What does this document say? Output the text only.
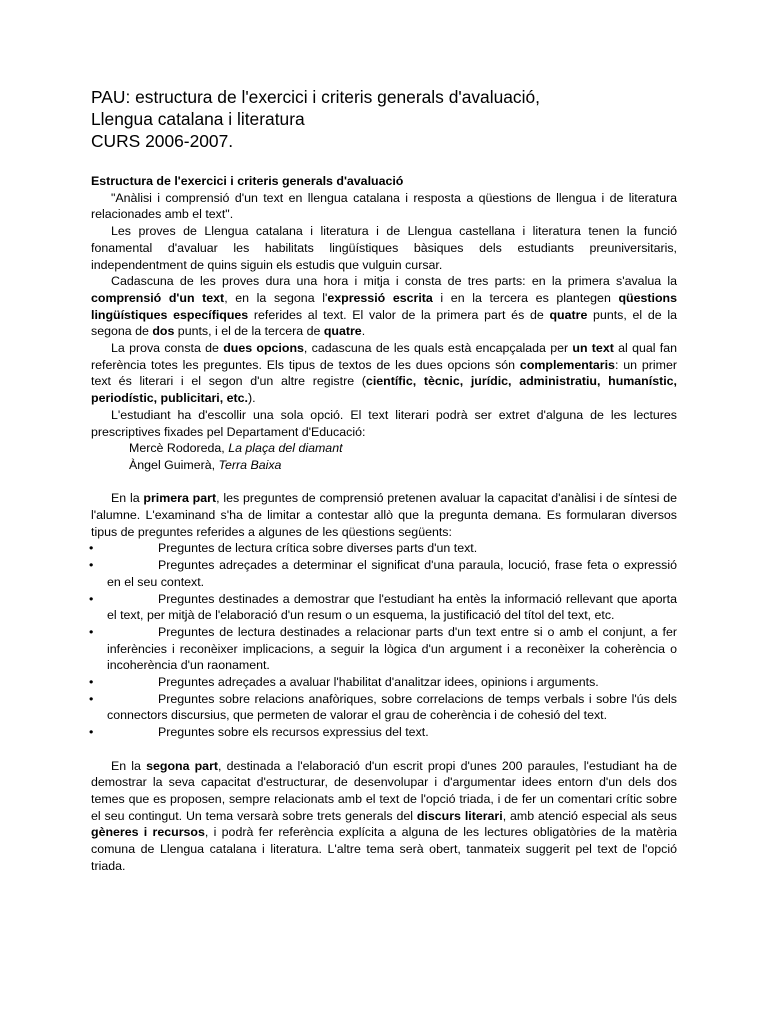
PAU: estructura de l'exercici i criteris generals d'avaluació,
Llengua catalana i literatura
CURS 2006-2007.

Estructura de l'exercici i criteris generals d'avaluació

"Anàlisi i comprensió d'un text en llengua catalana i resposta a qüestions de llengua i de literatura relacionades amb el text".

Les proves de Llengua catalana i literatura i de Llengua castellana i literatura tenen la funció fonamental d'avaluar les habilitats lingüístiques bàsiques dels estudiants preuniversitaris, independentment de quins siguin els estudis que vulguin cursar.

Cadascuna de les proves dura una hora i mitja i consta de tres parts: en la primera s'avalua la comprensió d'un text, en la segona l'expressió escrita i en la tercera es plantegen qüestions lingüístiques específiques referides al text. El valor de la primera part és de quatre punts, el de la segona de dos punts, i el de la tercera de quatre.

La prova consta de dues opcions, cadascuna de les quals està encapçalada per un text al qual fan referència totes les preguntes. Els tipus de textos de les dues opcions són complementaris: un primer text és literari i el segon d'un altre registre (científic, tècnic, jurídic, administratiu, humanístic, periodístic, publicitari, etc.).

L'estudiant ha d'escollir una sola opció. El text literari podrà ser extret d'alguna de les lectures prescriptives fixades pel Departament d'Educació:

Mercè Rodoreda, La plaça del diamant
Àngel Guimerà, Terra Baixa

En la primera part, les preguntes de comprensió pretenen avaluar la capacitat d'anàlisi i de síntesi de l'alumne. L'examinand s'ha de limitar a contestar allò que la pregunta demana. Es formularan diversos tipus de preguntes referides a algunes de les qüestions següents:

•	Preguntes de lectura crítica sobre diverses parts d'un text.
•	Preguntes adreçades a determinar el significat d'una paraula, locució, frase feta o expressió en el seu context.
•	Preguntes destinades a demostrar que l'estudiant ha entès la informació rellevant que aporta el text, per mitjà de l'elaboració d'un resum o un esquema, la justificació del títol del text, etc.
•	Preguntes de lectura destinades a relacionar parts d'un text entre si o amb el conjunt, a fer inferències i reconèixer implicacions, a seguir la lògica d'un argument i a reconèixer la coherència o incoherència d'un raonament.
•	Preguntes adreçades a avaluar l'habilitat d'analitzar idees, opinions i arguments.
•	Preguntes sobre relacions anafòriques, sobre correlacions de temps verbals i sobre l'ús dels connectors discursius, que permeten de valorar el grau de coherència i de cohesió del text.
•	Preguntes sobre els recursos expressius del text.

En la segona part, destinada a l'elaboració d'un escrit propi d'unes 200 paraules, l'estudiant ha de demostrar la seva capacitat d'estructurar, de desenvolupar i d'argumentar idees entorn d'un dels dos temes que es proposen, sempre relacionats amb el text de l'opció triada, i de fer un comentari crític sobre el seu contingut. Un tema versarà sobre trets generals del discurs literari, amb atenció especial als seus gèneres i recursos, i podrà fer referència explícita a alguna de les lectures obligatòries de la matèria comuna de Llengua catalana i literatura. L'altre tema serà obert, tanmateix suggerit pel text de l'opció triada.
